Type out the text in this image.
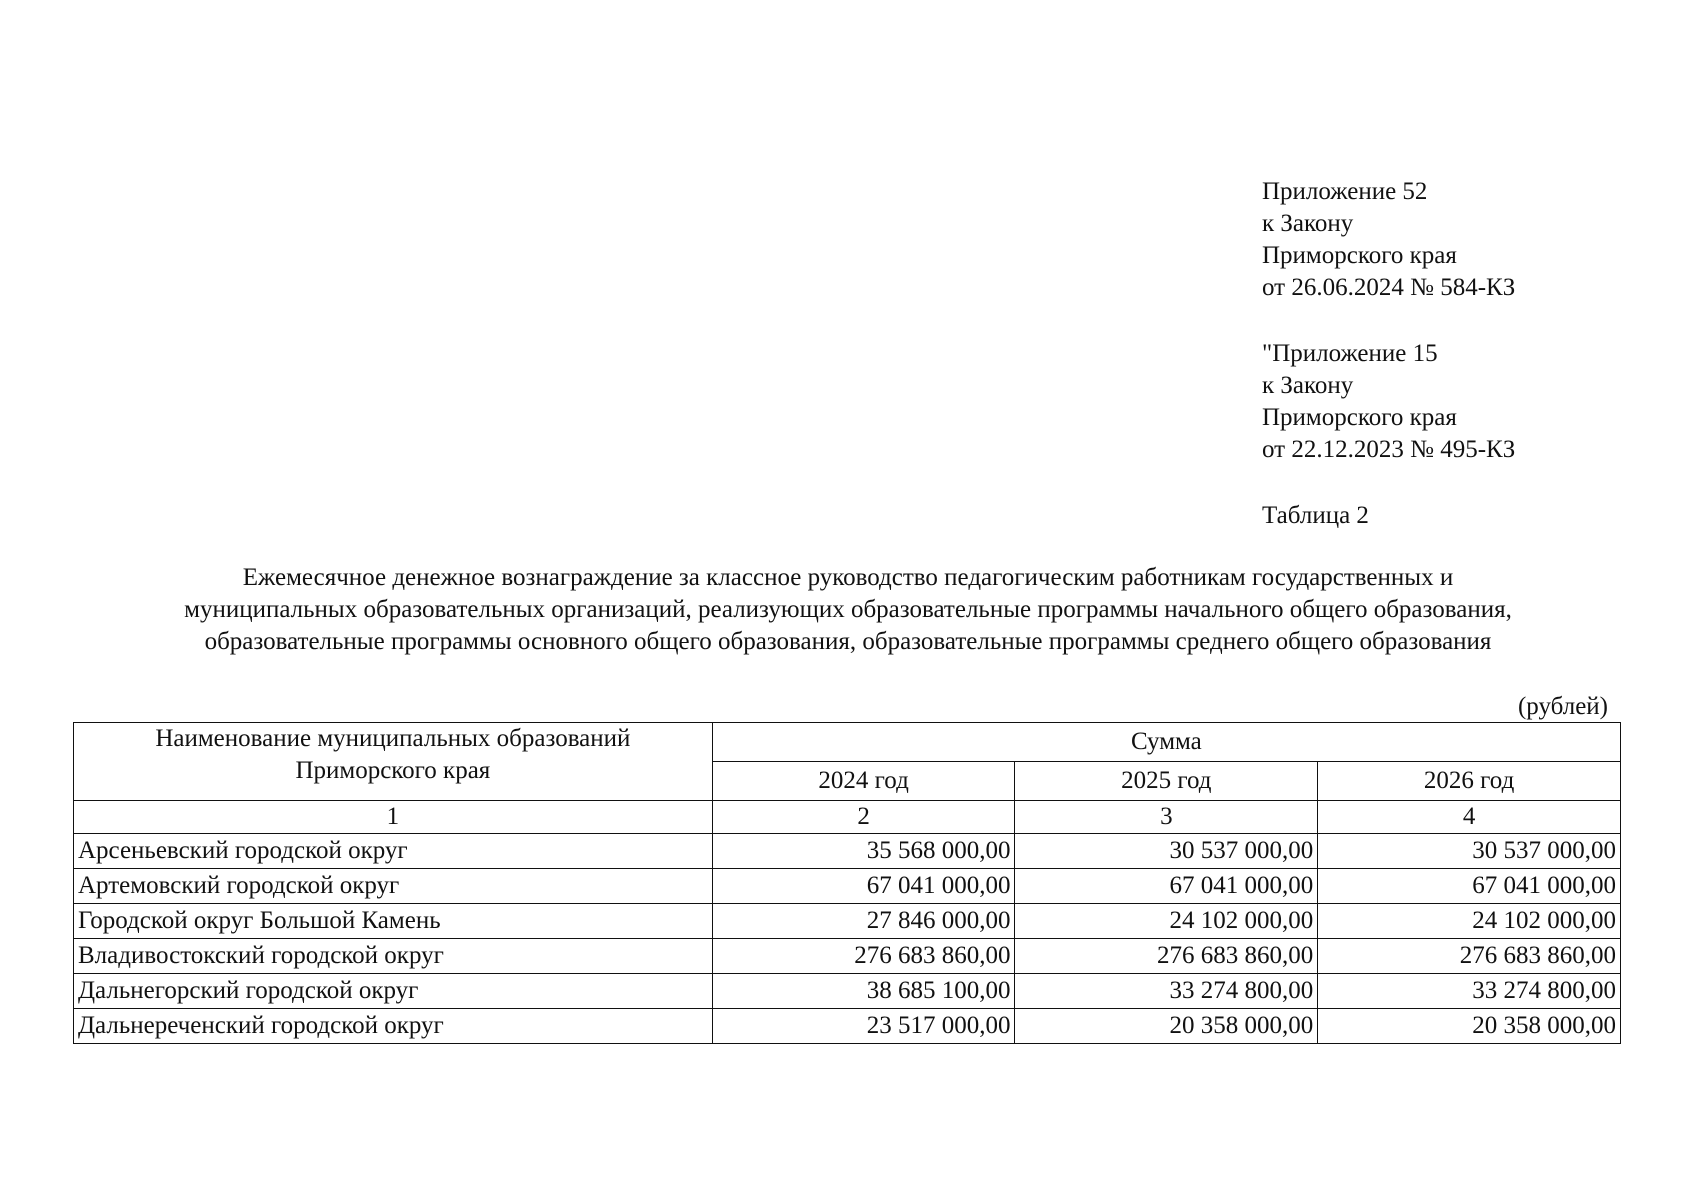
Приложение 52
к Закону
Приморского края
от 26.06.2024 № 584-КЗ
"Приложение 15
к Закону
Приморского края
от 22.12.2023 № 495-КЗ
Таблица 2
Ежемесячное денежное вознаграждение за классное руководство педагогическим работникам государственных и
муниципальных образовательных организаций, реализующих образовательные программы начального общего образования,
образовательные программы основного общего образования, образовательные программы среднего общего образования
(рублей)
Наименование муниципальных образований
Приморского края	Сумма		
	2024 год	2025 год	2026 год
1	2	3	4
Арсеньевский городской округ	35 568 000,00	30 537 000,00	30 537 000,00
Артемовский городской округ	67 041 000,00	67 041 000,00	67 041 000,00
Городской округ Большой Камень	27 846 000,00	24 102 000,00	24 102 000,00
Владивостокский городской округ	276 683 860,00	276 683 860,00	276 683 860,00
Дальнегорский городской округ	38 685 100,00	33 274 800,00	33 274 800,00
Дальнереченский городской округ	23 517 000,00	20 358 000,00	20 358 000,00
